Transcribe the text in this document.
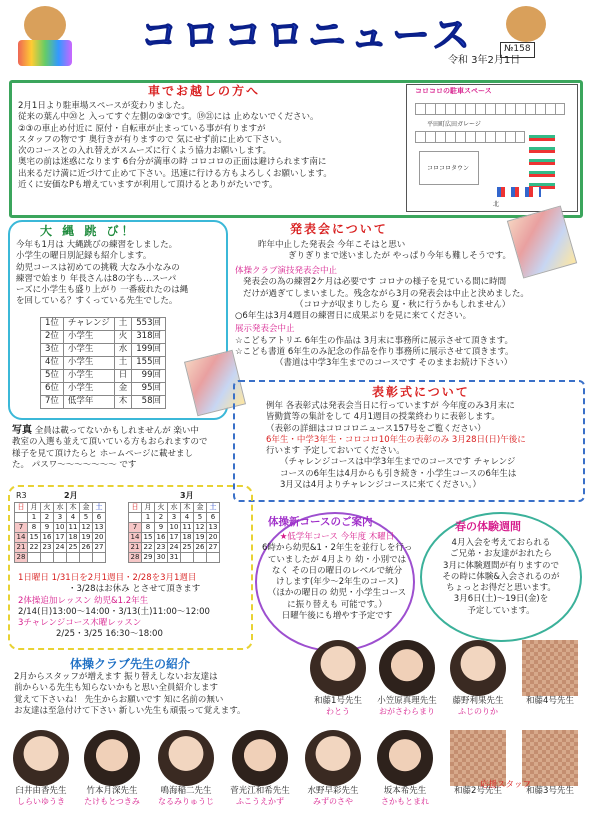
コロコロニュース	№158
令和 3年2月1日
車でお越しの方へ
2月1日より駐車場スペースが変わりました。
従来の葉ん中⑳と 入ってすぐ左側の②③です。⑲㉑には 止めないでください。
②③の車止め付近に 原付・自転車が止まっている事が有りますが
スタッフの物です 奥行きが有りますので 気にせず前に止めて下さい。
次のコースとの入れ替えがスムーズに行くよう協力お願いします。
奥宅の前は迷惑になります 6台分が満車の時 コロコロの正面は避けられます南に
出来るだけ満に近づけて止めて下さい。迅速に行ける方もよろしくお願いします。
近くに安価なPも増えていますが利用して頂けるとありがたいです。
コロコロの駐車スペース
平田町広田ガレージ
コロコロタウン
北
大 縄 跳 び！
今年も1月は 大縄跳びの練習をしました。
小学生の曜日別記録も紹介します。
幼児コースは初めての挑戦 大なみ小なみの
練習で始まり 年長さんは8の字も…スーパ
ーズに小学生も盛り上がり 一番疲れたのは縄
を回している？すくっている先生でした。
1位	チャレンジ	土	553回
2位	小学生	火	318回
3位	小学生	水	199回
4位	小学生	土	155回
5位	小学生	日	99回
6位	小学生	金	95回
7位	低学年	木	58回
写真 全員は載ってないかもしれませんが 楽い中
教室の入選も並えて頂いている方もおられますので
様子を見て頂けたらと ホームページに載せまし
た。 パスワ〜〜〜〜〜〜〜 です
発表会について
昨年中止した発表会 今年こそはと思い
ぎりぎりまで迷いましたが やっぱり今年も難しそうです。
体操クラブ演技発表会中止
発表会の為の練習2ケ月は必要です コロナの様子を見ている間に時間
だけが過ぎてしまいました。残念ながら3月の発表会は中止と決めました。
（コロナが収まりしたら 夏・秋に行うかもしれません）
○6年生は3月4週目の練習日に成果ぶりを見に来てください。
展示発表会中止
☆こどもアトリエ 6年生の作品は 3月末に事務所に展示させて頂きます。
☆こども書道 6年生のみ記念の作品を作り事務所に展示させて頂きます。
（書道は中学3年生までのコースです そのままお続け下さい）
表彰式について
例年 各表彰式は発表会当日に行っていますが 今年度のみ3月末に
皆勤賞等の集計をして 4月1週目の授業終わりに表彰します。
（表彰の詳細はコロコロニュース157号をご覧ください）
6年生・中学3年生・コロコロ10年生の表彰のみ 3月28日(日)午後に
行います 予定しておいてください。
（チャレンジコースは中学3年生までのコースです チャレンジ
コースの6年生は4月からも引き続き・小学生コースの6年生は
3月又は4月よりチャレンジコースに来てください。）
R3	2月	3月
日	月	火	水	木	金	土
	1	2	3	4	5	6
7	8	9	10	11	12	13
14	15	16	17	18	19	20
21	22	23	24	25	26	27
28						
日	月	火	水	木	金	土
	1	2	3	4	5	6
7	8	9	10	11	12	13
14	15	16	17	18	19	20
21	22	23	24	25	26	27
28	29	30	31			
1日曜日 1/31日を2月1週目・2/28を3月1週目
・3/28はお休み とさせて頂きます
2体操追加レッスン 幼児&1.2年生
2/14(日)13:00〜14:00・3/13(土)11:00〜12:00
3チャレンジコース木曜レッスン
2/25・3/25 16:30〜18:00
体操新コースのご案内
★低学年コース 今年度 木曜日
6時から幼児&1・2年生を並行しを行っ
ていましたが 4月より 幼・小別では
なく その日の曜日のレベルで統分
けします(年少〜2年生のコース)
（ほかの曜日の 幼児・小学生コース
に振り替えも 可能です。）
日曜午後にも増やす予定です
春の体験週間
4月入会を考えておられる
ご兄弟・お友達がおれたら
3月に体験週間が有りますので
その時に体験&入会されるのが
ちょっとお得だと思います。
3月6日(土)〜19日(金)を
予定しています。
体操クラブ先生の紹介
2月からスタッフが増えます 振り替えしないお友達は
前からいる先生も知らないかもと思い全員紹介します
覚えて下さいね！ 先生からお願いです 知に名前の無い
お友達は至急付けて下さい 新しい先生も頑張って覚えます。
和藤1号先生
わとう
小笠原真理先生
おがさわらまり
藤野利果先生
ふじのりか
和藤4号先生
臼井由香先生
しらいゆうき
竹本月深先生
たけもとつきみ
鳴海稲二先生
なるみりゅうじ
菅光江和希先生
ふこうえかず
水野早彩先生
みずのさや
坂本希先生
さかもとまれ
和藤2号先生	和藤3号先生
応援スタッフ
